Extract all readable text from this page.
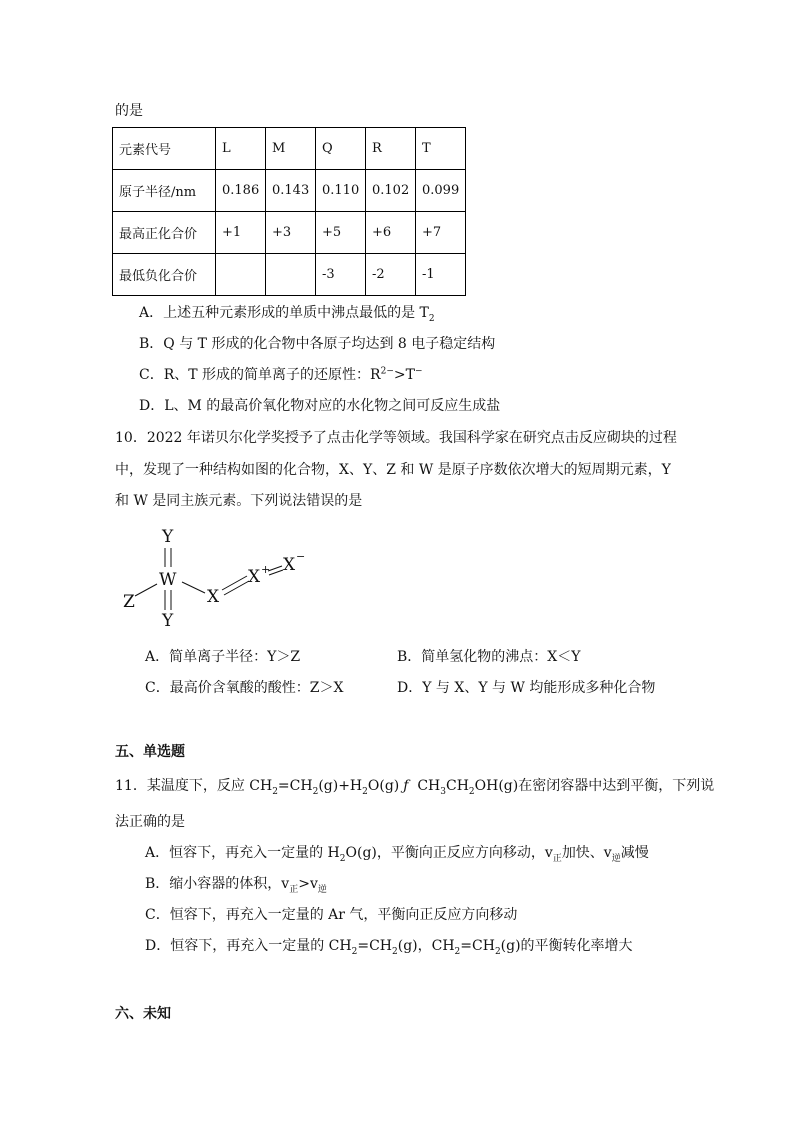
的是
元素代号	L	M	Q	R	T
原子半径/nm	0.186	0.143	0.110	0.102	0.099
最高正化合价	+1	+3	+5	+6	+7
最低负化合价			-3	-2	-1
A．上述五种元素形成的单质中沸点最低的是 $T_2$
B．Q 与 T 形成的化合物中各原子均达到 8 电子稳定结构
C．R、T 形成的简单离子的还原性：$R^{2-}>T^-$
D．L、M 的最高价氧化物对应的水化物之间可反应生成盐
10．2022 年诺贝尔化学奖授予了点击化学等领域。我国科学家在研究点击反应砌块的过程
中，发现了一种结构如图的化合物，X、Y、Z 和 W 是原子序数依次增大的短周期元素，Y
和 W 是同主族元素。下列说法错误的是
Y
W
Y
Z	X
X + X −
A．简单离子半径：Y＞Z	B．简单氢化物的沸点：X＜Y
C．最高价含氧酸的酸性：Z＞X	D．Y 与 X、Y 与 W 均能形成多种化合物
五、单选题
11．某温度下，反应 $CH_2=CH_2(g)+H_2O(g)$ ƒ  $CH_3CH_2OH(g)$在密闭容器中达到平衡，下列说
法正确的是
A．恒容下，再充入一定量的 $H_2O(g)$，平衡向正反应方向移动，$v_正$加快、$v_逆$减慢
B．缩小容器的体积，$v_正>v_逆$
C．恒容下，再充入一定量的 Ar 气，平衡向正反应方向移动
D．恒容下，再充入一定量的 $CH_2=CH_2(g)$，$CH_2=CH_2(g)$的平衡转化率增大
六、未知
